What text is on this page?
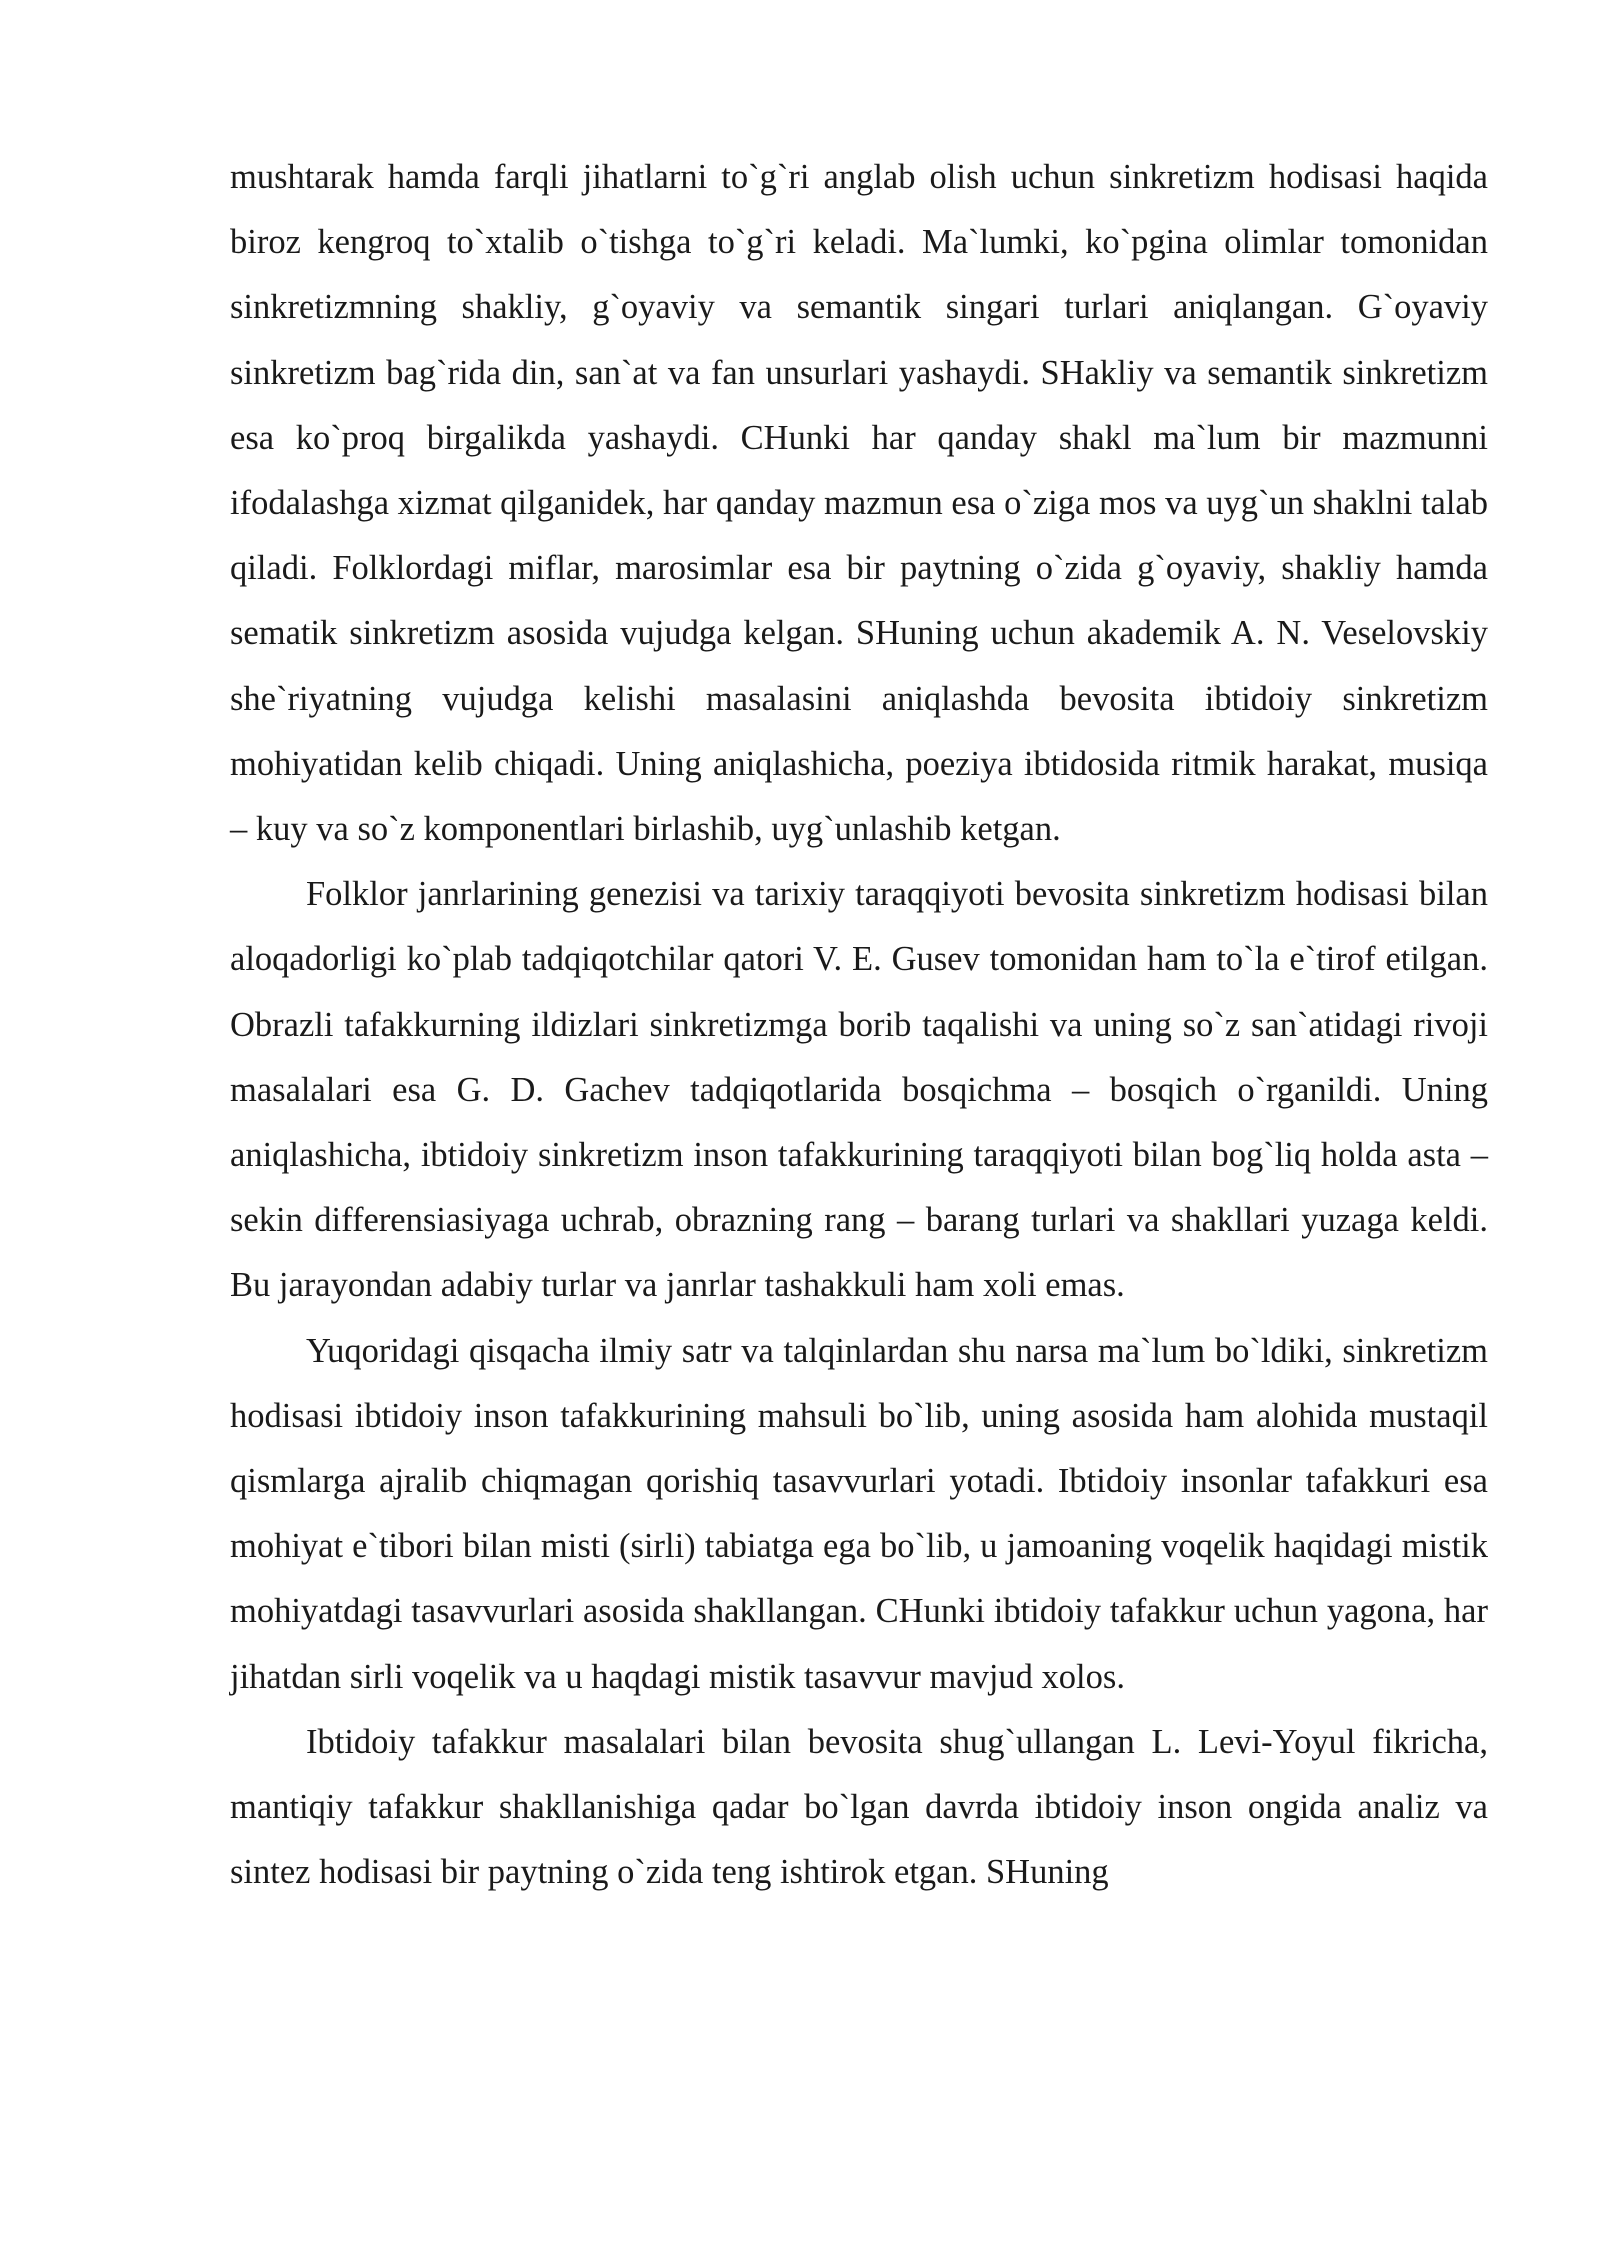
mushtarak hamda farqli jihatlarni to`g`ri anglab olish uchun sinkretizm hodisasi haqida biroz kengroq to`xtalib o`tishga to`g`ri keladi. Ma`lumki, ko`pgina olimlar tomonidan sinkretizmning shakliy, g`oyaviy va semantik singari turlari aniqlangan. G`oyaviy sinkretizm bag`rida din, san`at va fan unsurlari yashaydi. SHakliy va semantik sinkretizm esa ko`proq birgalikda yashaydi. CHunki har qanday shakl ma`lum bir mazmunni ifodalashga xizmat qilganidek, har qanday mazmun esa o`ziga mos va uyg`un shaklni talab qiladi. Folklordagi miflar, marosimlar esa bir paytning o`zida g`oyaviy, shakliy hamda sematik sinkretizm asosida vujudga kelgan. SHuning uchun akademik A. N. Veselovskiy she`riyatning vujudga kelishi masalasini aniqlashda bevosita ibtidoiy sinkretizm mohiyatidan kelib chiqadi. Uning aniqlashicha, poeziya ibtidosida ritmik harakat, musiqa – kuy va so`z komponentlari birlashib, uyg`unlashib ketgan.

Folklor janrlarining genezisi va tarixiy taraqqiyoti bevosita sinkretizm hodisasi bilan aloqadorligi ko`plab tadqiqotchilar qatori V. E. Gusev tomonidan ham to`la e`tirof etilgan. Obrazli tafakkurning ildizlari sinkretizmga borib taqalishi va uning so`z san`atidagi rivoji masalalari esa G. D. Gachev tadqiqotlarida bosqichma – bosqich o`rganildi. Uning aniqlashicha, ibtidoiy sinkretizm inson tafakkurining taraqqiyoti bilan bog`liq holda asta – sekin differensiasiyaga uchrab, obrazning rang – barang turlari va shakllari yuzaga keldi. Bu jarayondan adabiy turlar va janrlar tashakkuli ham xoli emas.

Yuqoridagi qisqacha ilmiy satr va talqinlardan shu narsa ma`lum bo`ldiki, sinkretizm hodisasi ibtidoiy inson tafakkurining mahsuli bo`lib, uning asosida ham alohida mustaqil qismlarga ajralib chiqmagan qorishiq tasavvurlari yotadi. Ibtidoiy insonlar tafakkuri esa mohiyat e`tibori bilan misti (sirli) tabiatga ega bo`lib, u jamoaning voqelik haqidagi mistik mohiyatdagi tasavvurlari asosida shakllangan. CHunki ibtidoiy tafakkur uchun yagona, har jihatdan sirli voqelik va u haqdagi mistik tasavvur mavjud xolos.

Ibtidoiy tafakkur masalalari bilan bevosita shug`ullangan L. Levi-Yoyul fikricha, mantiqiy tafakkur shakllanishiga qadar bo`lgan davrda ibtidoiy inson ongida analiz va sintez hodisasi bir paytning o`zida teng ishtirok etgan. SHuning
